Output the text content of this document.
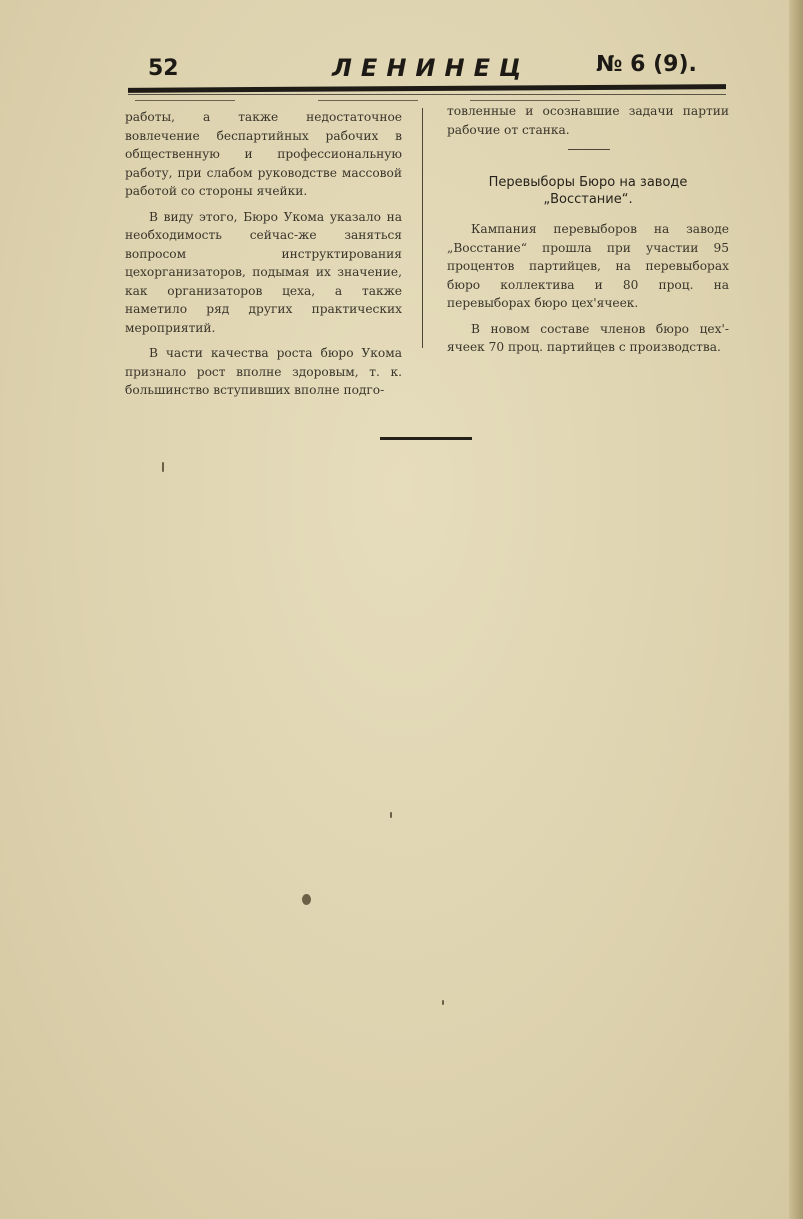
52	ЛЕНИНЕЦ	№ 6 (9).

работы, а также недостаточное вовлечение беспартийных рабочих в общественную и профессиональную работу, при слабом руководстве массовой работой со стороны ячейки.

В виду этого, Бюро Укома указало на необходимость сейчас-же заняться вопросом инструктирования цехорганизаторов, подымая их значение, как организаторов цеха, а также наметило ряд других практических мероприятий.

В части качества роста бюро Укома признало рост вполне здоровым, т. к. большинство вступивших вполне подго-

товленные и осознавшие задачи партии рабочие от станка.

Перевыборы Бюро на заводе „Восстание“.

Кампания перевыборов на заводе „Восстание“ прошла при участии 95 процентов партийцев, на перевыборах бюро коллектива и 80 проц. на перевыборах бюро цех'ячеек.

В новом составе членов бюро цех'-ячеек 70 проц. партийцев с производства.
